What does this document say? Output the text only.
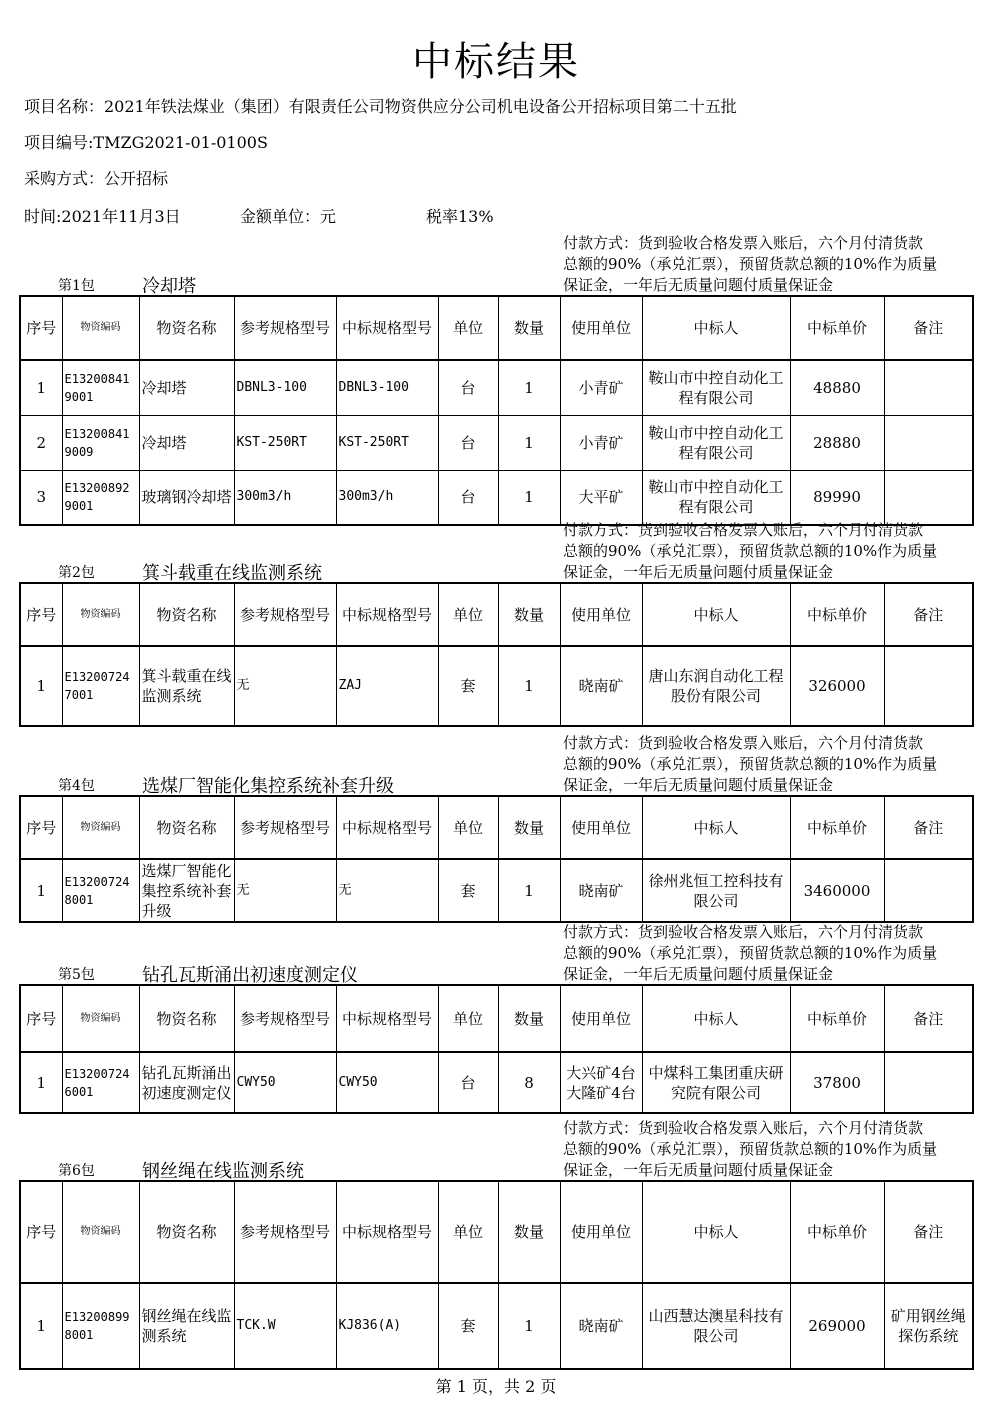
中标结果
项目名称：2021年铁法煤业（集团）有限责任公司物资供应分公司机电设备公开招标项目第二十五批
项目编号:TMZG2021-01-0100S
采购方式：公开招标
时间:2021年11月3日	金额单位：元	税率13%
付款方式：货到验收合格发票入账后，六个月付清货款
总额的90%（承兑汇票），预留货款总额的10%作为质量
保证金，一年后无质量问题付质量保证金
第1包	冷却塔
序号	物资编码	物资名称	参考规格型号	中标规格型号	单位	数量	使用单位	中标人	中标单价	备注
1	E132008419001	冷却塔	DBNL3-100	DBNL3-100	台	1	小青矿	鞍山市中控自动化工程有限公司	48880	
2	E132008419009	冷却塔	KST-250RT	KST-250RT	台	1	小青矿	鞍山市中控自动化工程有限公司	28880	
3	E132008929001	玻璃钢冷却塔	300m3/h	300m3/h	台	1	大平矿	鞍山市中控自动化工程有限公司	89990	
付款方式：货到验收合格发票入账后，六个月付清货款
总额的90%（承兑汇票），预留货款总额的10%作为质量
保证金，一年后无质量问题付质量保证金
第2包	箕斗载重在线监测系统
序号	物资编码	物资名称	参考规格型号	中标规格型号	单位	数量	使用单位	中标人	中标单价	备注
1	E132007247001	箕斗载重在线监测系统	无	ZAJ	套	1	晓南矿	唐山东润自动化工程股份有限公司	326000	
付款方式：货到验收合格发票入账后，六个月付清货款
总额的90%（承兑汇票），预留货款总额的10%作为质量
保证金，一年后无质量问题付质量保证金
第4包	选煤厂智能化集控系统补套升级
序号	物资编码	物资名称	参考规格型号	中标规格型号	单位	数量	使用单位	中标人	中标单价	备注
1	E132007248001	选煤厂智能化集控系统补套升级	无	无	套	1	晓南矿	徐州兆恒工控科技有限公司	3460000	
付款方式：货到验收合格发票入账后，六个月付清货款
总额的90%（承兑汇票），预留货款总额的10%作为质量
保证金，一年后无质量问题付质量保证金
第5包	钻孔瓦斯涌出初速度测定仪
序号	物资编码	物资名称	参考规格型号	中标规格型号	单位	数量	使用单位	中标人	中标单价	备注
1	E132007246001	钻孔瓦斯涌出初速度测定仪	CWY50	CWY50	台	8	大兴矿4台 大隆矿4台	中煤科工集团重庆研究院有限公司	37800	
付款方式：货到验收合格发票入账后，六个月付清货款
总额的90%（承兑汇票），预留货款总额的10%作为质量
保证金，一年后无质量问题付质量保证金
第6包	钢丝绳在线监测系统
序号	物资编码	物资名称	参考规格型号	中标规格型号	单位	数量	使用单位	中标人	中标单价	备注
1	E132008998001	钢丝绳在线监测系统	TCK.W	KJ836(A)	套	1	晓南矿	山西慧达澳星科技有限公司	269000	矿用钢丝绳探伤系统
第 1 页，共 2 页
